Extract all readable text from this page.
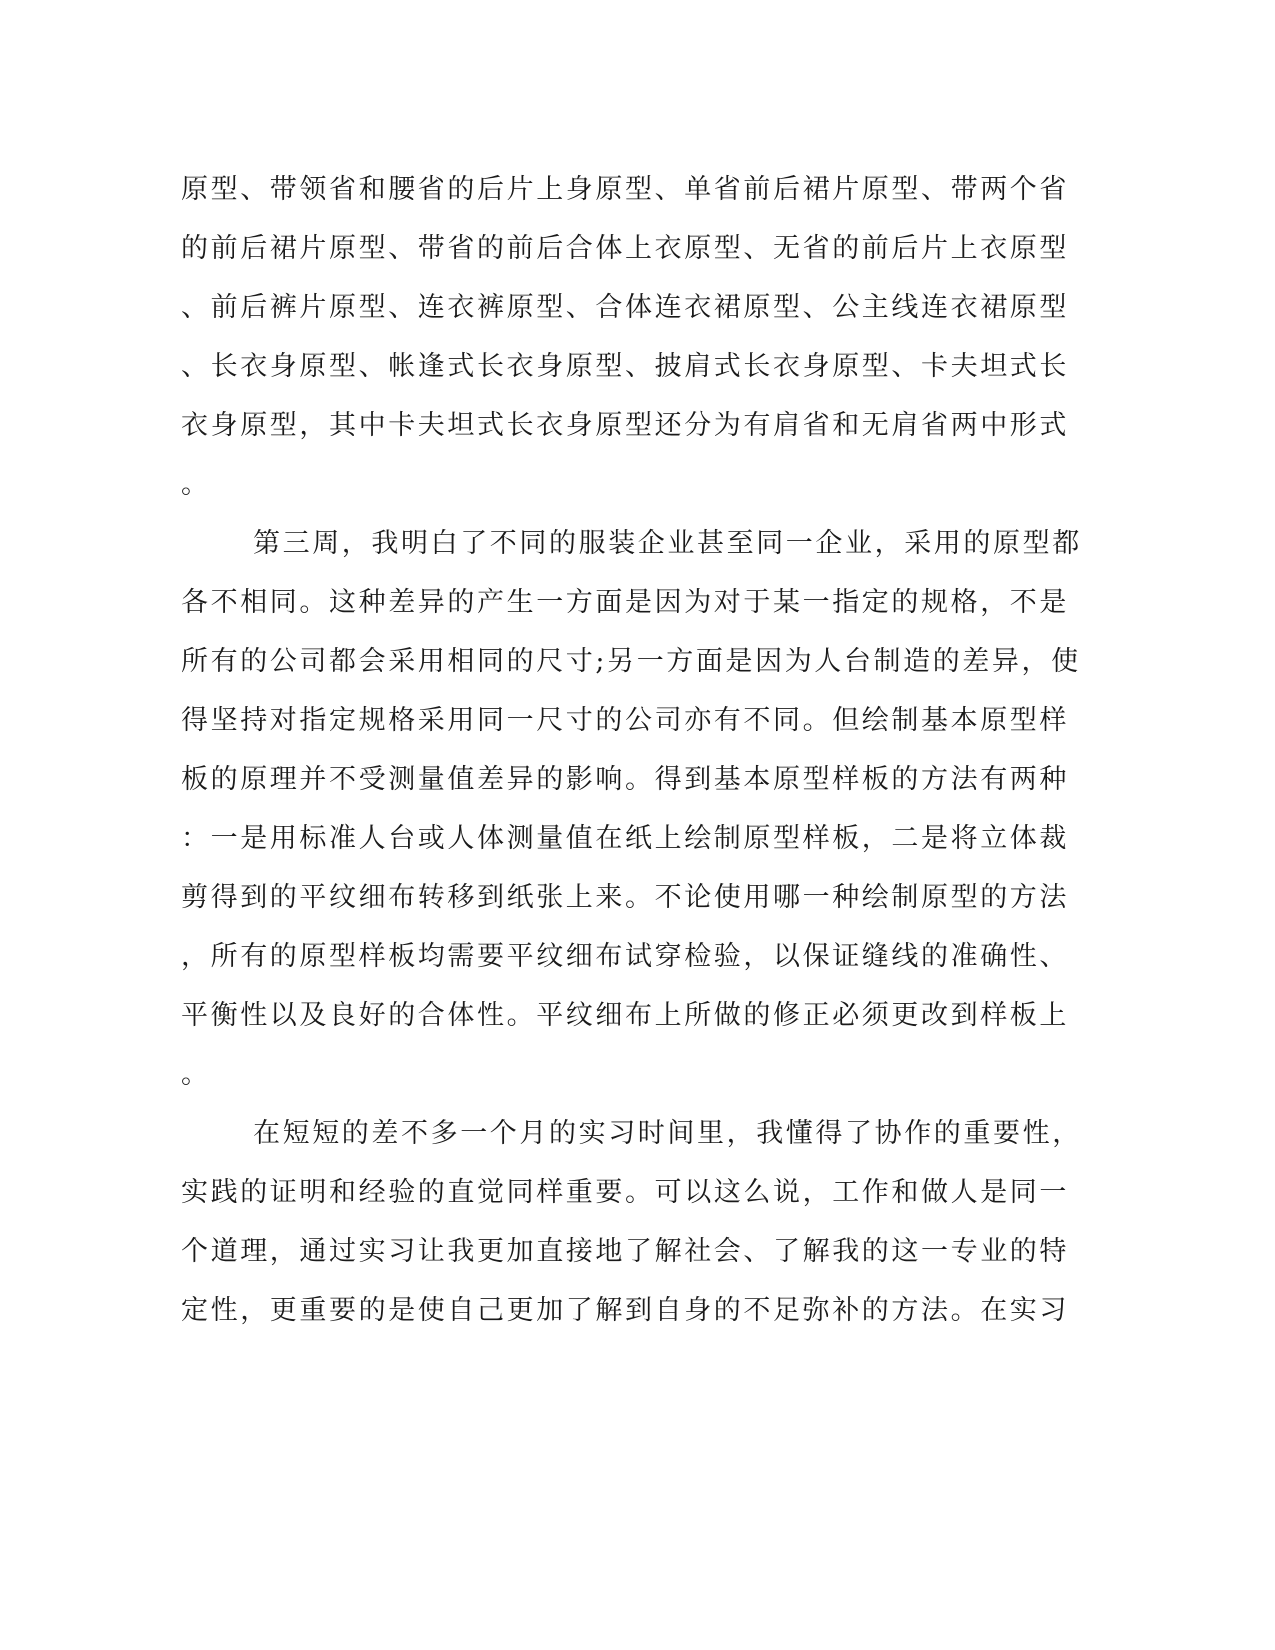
原型、带领省和腰省的后片上身原型、单省前后裙片原型、带两个省
的前后裙片原型、带省的前后合体上衣原型、无省的前后片上衣原型
、前后裤片原型、连衣裤原型、合体连衣裙原型、公主线连衣裙原型
、长衣身原型、帐逢式长衣身原型、披肩式长衣身原型、卡夫坦式长
衣身原型，其中卡夫坦式长衣身原型还分为有肩省和无肩省两中形式
。
第三周，我明白了不同的服装企业甚至同一企业，采用的原型都
各不相同。这种差异的产生一方面是因为对于某一指定的规格，不是
所有的公司都会采用相同的尺寸;另一方面是因为人台制造的差异，使
得坚持对指定规格采用同一尺寸的公司亦有不同。但绘制基本原型样
板的原理并不受测量值差异的影响。得到基本原型样板的方法有两种
：一是用标准人台或人体测量值在纸上绘制原型样板，二是将立体裁
剪得到的平纹细布转移到纸张上来。不论使用哪一种绘制原型的方法
，所有的原型样板均需要平纹细布试穿检验，以保证缝线的准确性、
平衡性以及良好的合体性。平纹细布上所做的修正必须更改到样板上
。
在短短的差不多一个月的实习时间里，我懂得了协作的重要性，
实践的证明和经验的直觉同样重要。可以这么说，工作和做人是同一
个道理，通过实习让我更加直接地了解社会、了解我的这一专业的特
定性，更重要的是使自己更加了解到自身的不足弥补的方法。在实习
